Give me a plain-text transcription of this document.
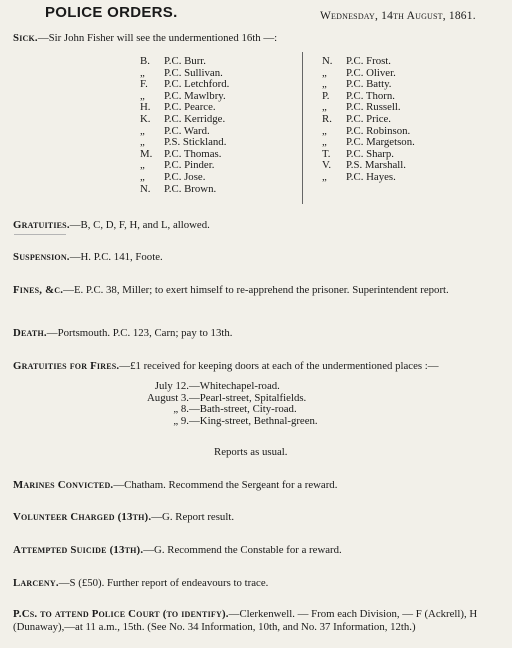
POLICE ORDERS.	Wednesday, 14th August, 1861.
Sick.—Sir John Fisher will see the undermentioned 16th —:
B.	P.C. Burr.
„	P.C. Sullivan.
F.	P.C. Letchford.
„	P.C. Mawlbry.
H.	P.C. Pearce.
K.	P.C. Kerridge.
„	P.C. Ward.
„	P.S. Stickland.
M.	P.C. Thomas.
„	P.C. Pinder.
„	P.C. Jose.
N.	P.C. Brown.
N.	P.C. Frost.
„	P.C. Oliver.
„	P.C. Batty.
P.	P.C. Thorn.
„	P.C. Russell.
R.	P.C. Price.
„	P.C. Robinson.
„	P.C. Margetson.
T.	P.C. Sharp.
V.	P.S. Marshall.
„	P.C. Hayes.
Gratuities.—B, C, D, F, H, and L, allowed.
Suspension.—H. P.C. 141, Foote.
Fines, &c.—E. P.C. 38, Miller; to exert himself to re-apprehend the prisoner. Superintendent report.
Death.—Portsmouth. P.C. 123, Carn; pay to 13th.
Gratuities for Fires.—£1 received for keeping doors at each of the undermentioned places :—
July 12. —Whitechapel-road.
August 3. —Pearl-street, Spitalfields.
„ 8. —Bath-street, City-road.
„ 9. —King-street, Bethnal-green.
Reports as usual.
Marines Convicted.—Chatham. Recommend the Sergeant for a reward.
Volunteer Charged (13th).—G. Report result.
Attempted Suicide (13th).—G. Recommend the Constable for a reward.
Larceny.—S (£50). Further report of endeavours to trace.
P.Cs. to attend Police Court (to identify).—Clerkenwell. — From each Division, — F (Ackrell), H (Dunaway),—at 11 a.m., 15th. (See No. 34 Information, 10th, and No. 37 Information, 12th.)
